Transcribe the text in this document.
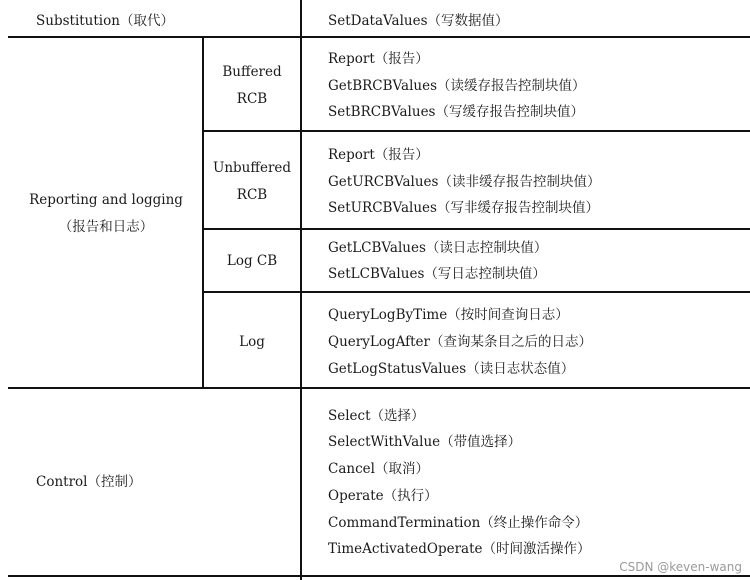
Substitution（取代）	SetDataValues（写数据值）
Reporting and logging
（报告和日志）
Buffered
RCB
Report（报告）
GetBRCBValues（读缓存报告控制块值）
SetBRCBValues（写缓存报告控制块值）
Unbuffered
RCB
Report（报告）
GetURCBValues（读非缓存报告控制块值）
SetURCBValues（写非缓存报告控制块值）
Log CB
GetLCBValues（读日志控制块值）
SetLCBValues（写日志控制块值）
Log
QueryLogByTime（按时间查询日志）
QueryLogAfter（查询某条目之后的日志）
GetLogStatusValues（读日志状态值）
Control（控制）
Select（选择）
SelectWithValue（带值选择）
Cancel（取消）
Operate（执行）
CommandTermination（终止操作命令）
TimeActivatedOperate（时间激活操作）
CSDN @keven-wang
